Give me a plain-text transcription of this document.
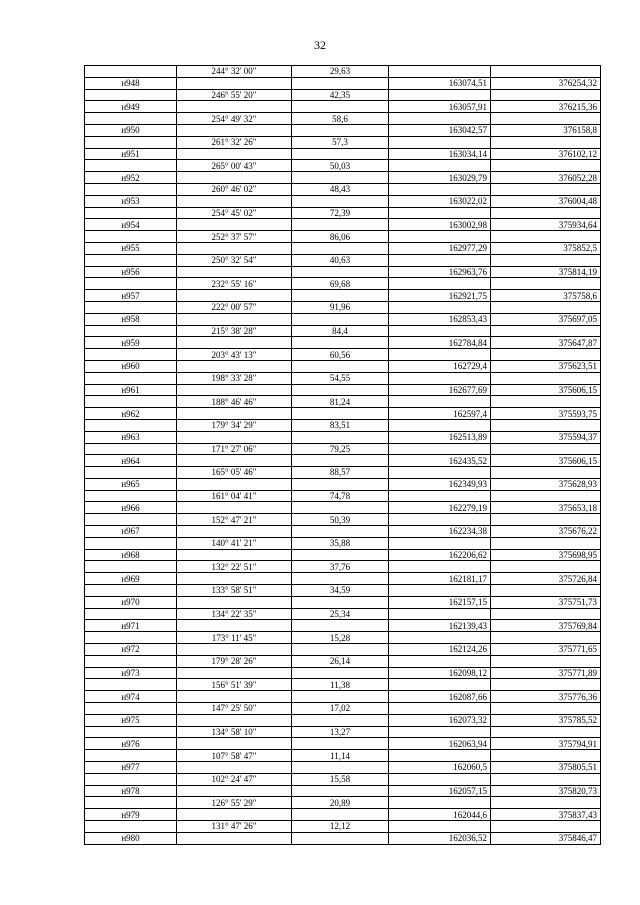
32
	244° 32' 00"	29,63		
н948			163074,51	376254,32
	246° 55' 20"	42,35		
н949			163057,91	376215,36
	254° 49' 32"	58,6		
н950			163042,57	376158,8
	261° 32' 26"	57,3		
н951			163034,14	376102,12
	265° 00' 43"	50,03		
н952			163029,79	376052,28
	260° 46' 02"	48,43		
н953			163022,02	376004,48
	254° 45' 02"	72,39		
н954			163002,98	375934,64
	252° 37' 57"	86,06		
н955			162977,29	375852,5
	250° 32' 54"	40,63		
н956			162963,76	375814,19
	232° 55' 16"	69,68		
н957			162921,75	375758,6
	222° 00' 57"	91,96		
н958			162853,43	375697,05
	215° 38' 28"	84,4		
н959			162784,84	375647,87
	203° 43' 13"	60,56		
н960			162729,4	375623,51
	198° 33' 28"	54,55		
н961			162677,69	375606,15
	188° 46' 46"	81,24		
н962			162597,4	375593,75
	179° 34' 29"	83,51		
н963			162513,89	375594,37
	171° 27' 06"	79,25		
н964			162435,52	375606,15
	165° 05' 46"	88,57		
н965			162349,93	375628,93
	161° 04' 41"	74,78		
н966			162279,19	375653,18
	152° 47' 21"	50,39		
н967			162234,38	375676,22
	140° 41' 21"	35,88		
н968			162206,62	375698,95
	132° 22' 51"	37,76		
н969			162181,17	375726,84
	133° 58' 51"	34,59		
н970			162157,15	375751,73
	134° 22' 35"	25,34		
н971			162139,43	375769,84
	173° 11' 45"	15,28		
н972			162124,26	375771,65
	179° 28' 26"	26,14		
н973			162098,12	375771,89
	156° 51' 39"	11,38		
н974			162087,66	375776,36
	147° 25' 50"	17,02		
н975			162073,32	375785,52
	134° 58' 10"	13,27		
н976			162063,94	375794,91
	107° 58' 47"	11,14		
н977			162060,5	375805,51
	102° 24' 47"	15,58		
н978			162057,15	375820,73
	126° 55' 29"	20,89		
н979			162044,6	375837,43
	131° 47' 26"	12,12		
н980			162036,52	375846,47
